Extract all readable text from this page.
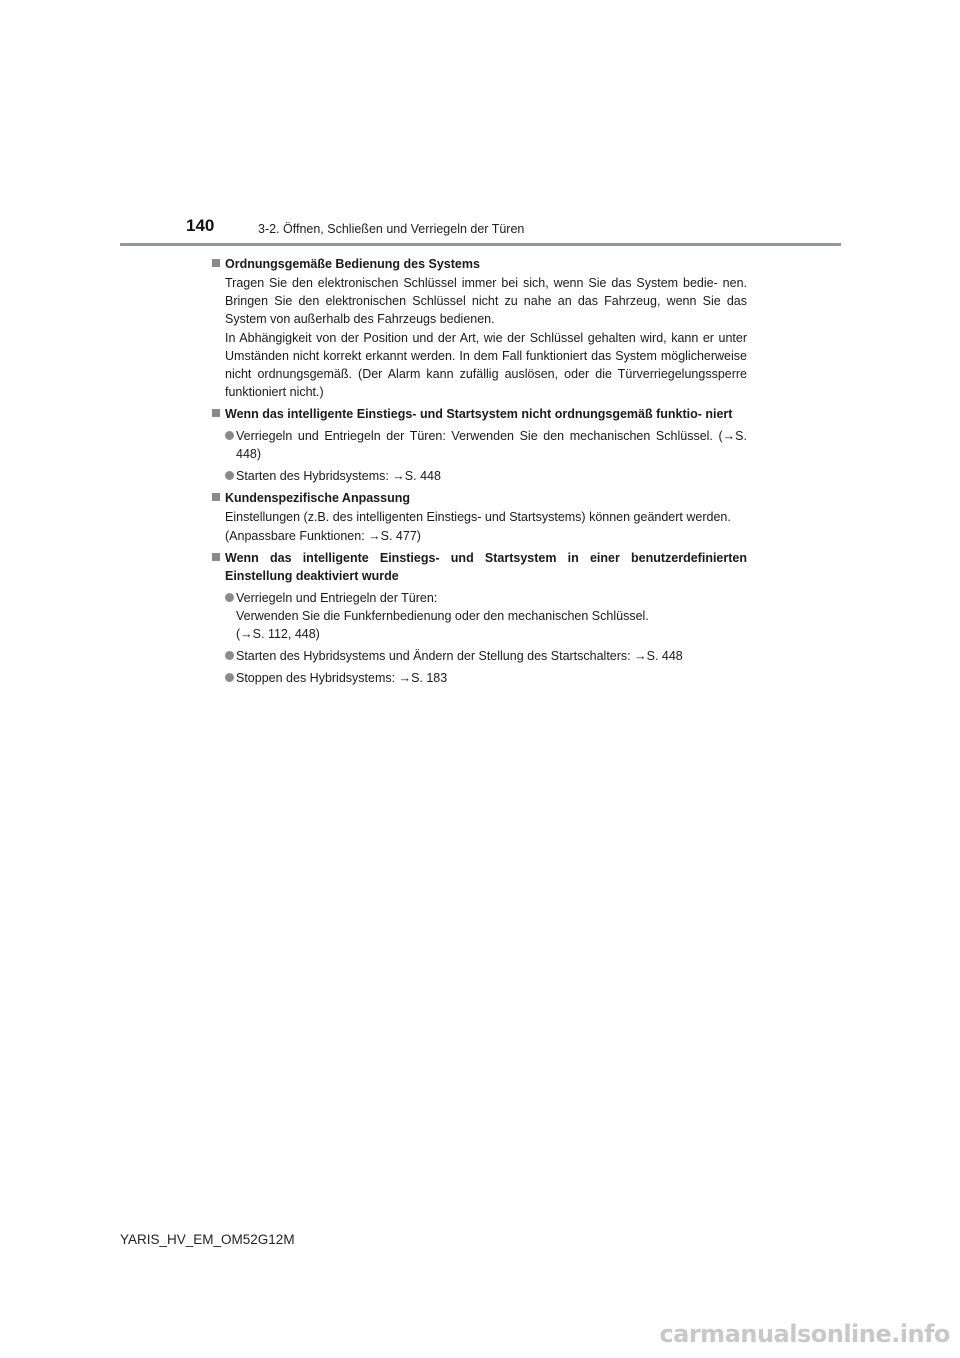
140	3-2. Öffnen, Schließen und Verriegeln der Türen
Ordnungsgemäße Bedienung des Systems
Tragen Sie den elektronischen Schlüssel immer bei sich, wenn Sie das System bedie- nen. Bringen Sie den elektronischen Schlüssel nicht zu nahe an das Fahrzeug, wenn Sie das System von außerhalb des Fahrzeugs bedienen.
In Abhängigkeit von der Position und der Art, wie der Schlüssel gehalten wird, kann er unter Umständen nicht korrekt erkannt werden. In dem Fall funktioniert das System möglicherweise nicht ordnungsgemäß. (Der Alarm kann zufällig auslösen, oder die Türverriegelungssperre funktioniert nicht.)
Wenn das intelligente Einstiegs- und Startsystem nicht ordnungsgemäß funktio- niert
Verriegeln und Entriegeln der Türen: Verwenden Sie den mechanischen Schlüssel. (→S. 448)
Starten des Hybridsystems: →S. 448
Kundenspezifische Anpassung
Einstellungen (z.B. des intelligenten Einstiegs- und Startsystems) können geändert werden.
(Anpassbare Funktionen: →S. 477)
Wenn das intelligente Einstiegs- und Startsystem in einer benutzerdefinierten Einstellung deaktiviert wurde
Verriegeln und Entriegeln der Türen:
Verwenden Sie die Funkfernbedienung oder den mechanischen Schlüssel.
(→S. 112, 448)
Starten des Hybridsystems und Ändern der Stellung des Startschalters: →S. 448
Stoppen des Hybridsystems: →S. 183
YARIS_HV_EM_OM52G12M
carmanualsonline.info
